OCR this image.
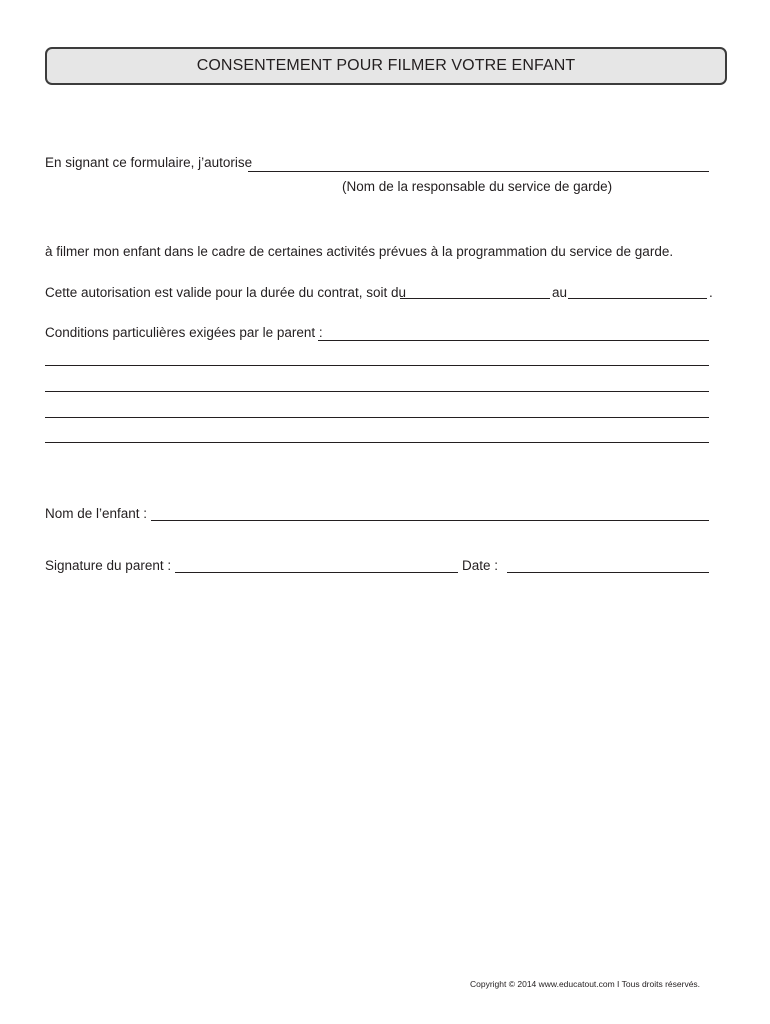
CONSENTEMENT POUR FILMER VOTRE ENFANT
En signant ce formulaire, j’autorise
(Nom de la responsable du service de garde)
à filmer mon enfant dans le cadre de certaines activités prévues à la programmation du service de garde.
Cette autorisation est valide pour la durée du contrat, soit du	au	.
Conditions particulières exigées par le parent :
Nom de l’enfant :
Signature du parent :	Date :
Copyright © 2014 www.educatout.com I Tous droits réservés.
